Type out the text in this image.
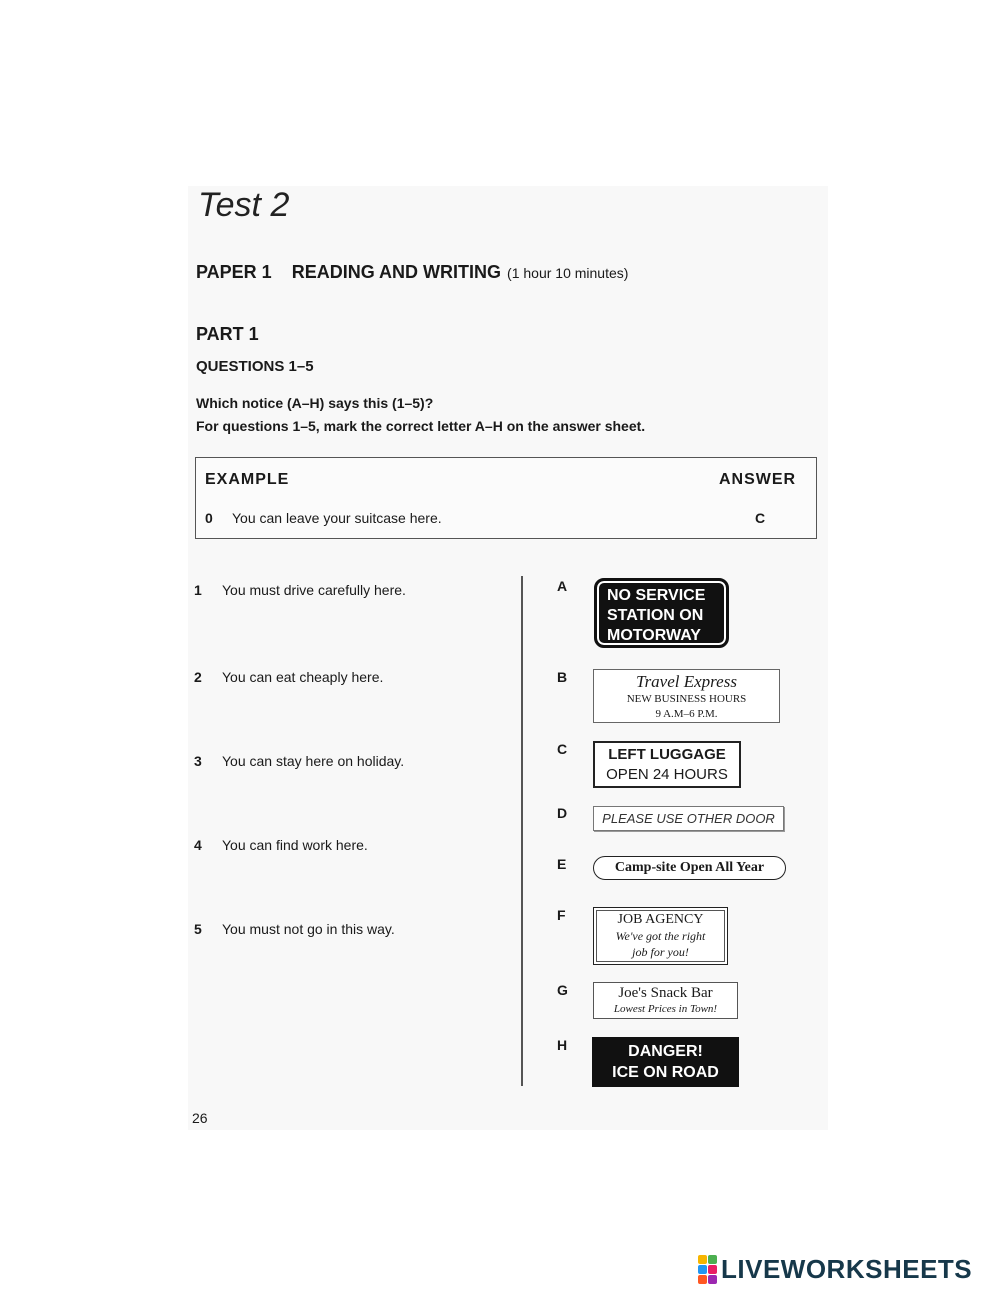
Test 2
PAPER 1 READING AND WRITING (1 hour 10 minutes)
PART 1
QUESTIONS 1–5
Which notice (A–H) says this (1–5)?
For questions 1–5, mark the correct letter A–H on the answer sheet.
EXAMPLE	ANSWER
0 You can leave your suitcase here.	C
1 You must drive carefully here.
2 You can eat cheaply here.
3 You can stay here on holiday.
4 You can find work here.
5 You must not go in this way.
A
B
C
D
E
F
G
H
NO SERVICE
STATION ON
MOTORWAY
Travel Express
NEW BUSINESS HOURS
9 A.M–6 P.M.
LEFT LUGGAGE
OPEN 24 HOURS
PLEASE USE OTHER DOOR
Camp-site Open All Year
JOB AGENCY
We've got the right
job for you!
Joe's Snack Bar
Lowest Prices in Town!
DANGER!
ICE ON ROAD
26
LIVEWORKSHEETS
